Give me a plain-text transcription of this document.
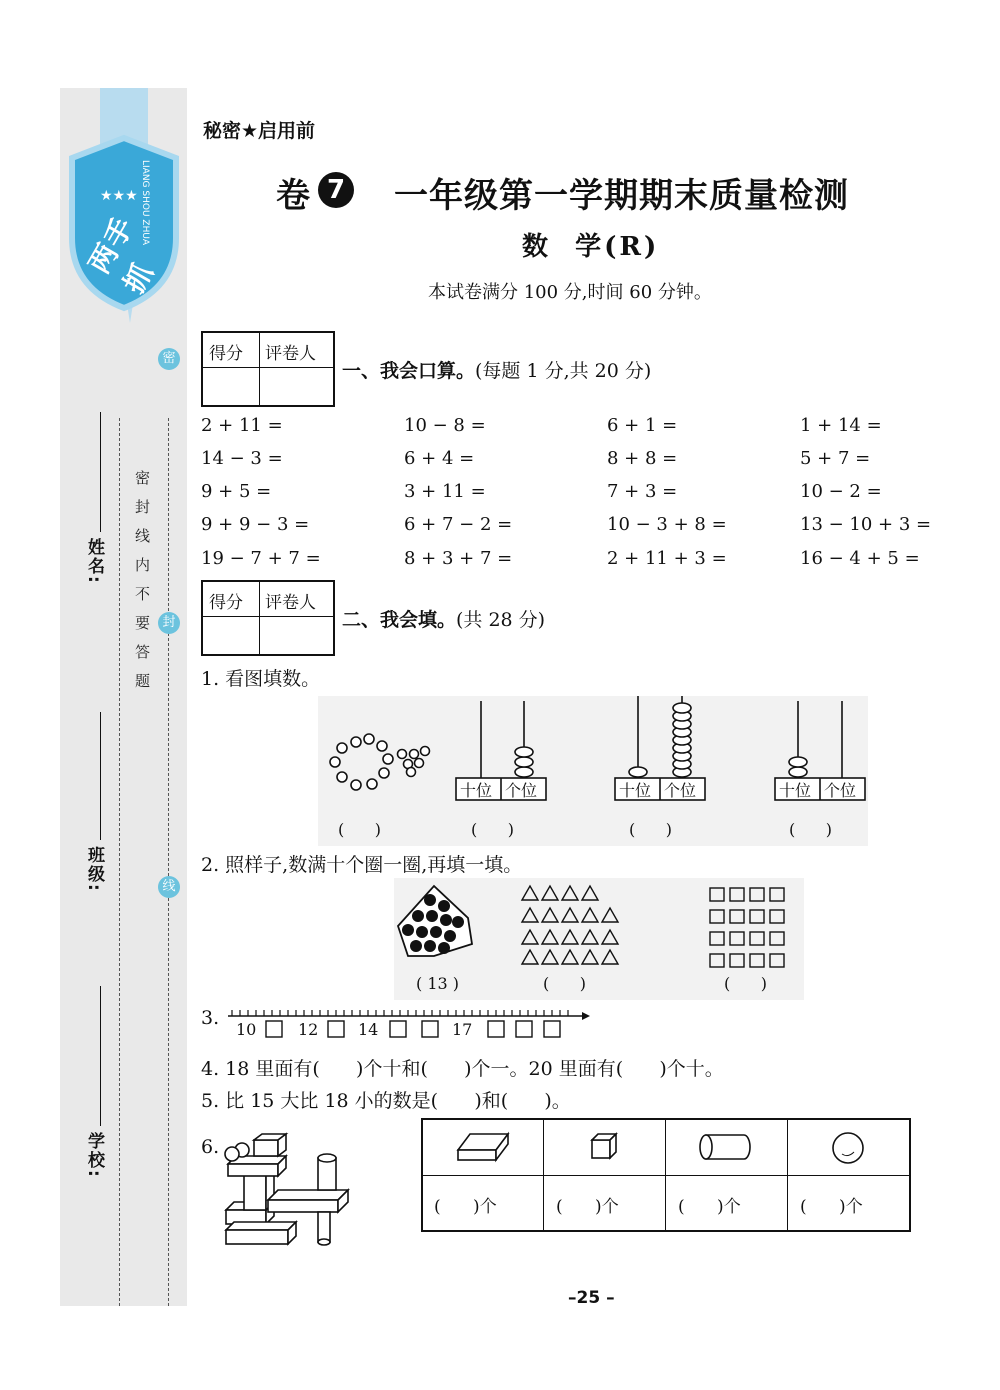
★★★
两手抓
LIANG SHOU ZHUA
密
封
线
密封线内不要答题
姓名:
班级:
学校:
秘密★启用前
卷 7 一年级第一学期期末质量检测
数  学(R)
本试卷满分 100 分,时间 60 分钟。
得分 评卷人
一、我会口算。(每题 1 分,共 20 分)
2 + 11 =	10 − 8 =	6 + 1 =	1 + 14 =
14 − 3 =	6 + 4 =	8 + 8 =	5 + 7 =
9 + 5 =	3 + 11 =	7 + 3 =	10 − 2 =
9 + 9 − 3 =	6 + 7 − 2 =	10 − 3 + 8 =	13 − 10 + 3 =
19 − 7 + 7 =	8 + 3 + 7 =	2 + 11 + 3 =	16 − 4 + 5 =
得分 评卷人
二、我会填。(共 28 分)
1. 看图填数。
十位 个位	十位 个位	十位 个位
(      )	(      )	(      )	(      )
2. 照样子,数满十个圈一圈,再填一填。
( 13 )	(      )	(      )
3.
10	12 14	17
4. 18 里面有(      )个十和(      )个一。20 里面有(      )个十。
5. 比 15 大比 18 小的数是(      )和(      )。
6.
(      )个	(      )个	(      )个	(      )个
–25 –
